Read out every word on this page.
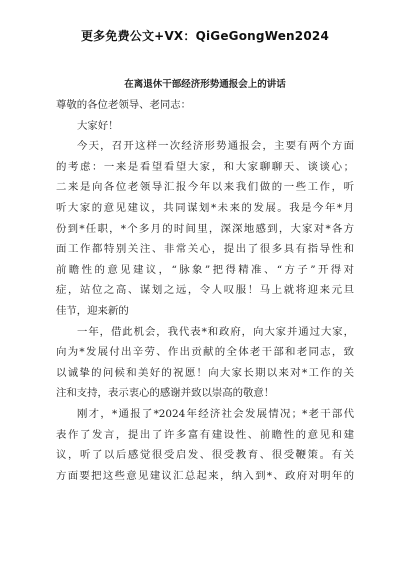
更多免费公文+VX：QiGeGongWen2024
在离退休干部经济形势通报会上的讲话
尊敬的各位老领导、老同志：
大家好！
今天，召开这样一次经济形势通报会，主要有两个方面
的考虑：一来是看望看望大家，和大家聊聊天、谈谈心；
二来是向各位老领导汇报今年以来我们做的一些工作，听
听大家的意见建议，共同谋划*未来的发展。我是今年*月
份到*任职，*个多月的时间里，深深地感到，大家对*各方
面工作都特别关注、非常关心，提出了很多具有指导性和
前瞻性的意见建议，“脉象”把得精准、“方子”开得对
症，站位之高、谋划之远，令人叹服！马上就将迎来元旦
佳节，迎来新的
一年，借此机会，我代表*和政府，向大家并通过大家，
向为*发展付出辛劳、作出贡献的全体老干部和老同志，致
以诚挚的问候和美好的祝愿！向大家长期以来对*工作的关
注和支持，表示衷心的感谢并致以崇高的敬意！
刚才，*通报了*2024年经济社会发展情况；*老干部代
表作了发言，提出了许多富有建设性、前瞻性的意见和建
议，听了以后感觉很受启发、很受教育、很受鞭策。有关
方面要把这些意见建议汇总起来，纳入到*、政府对明年的
